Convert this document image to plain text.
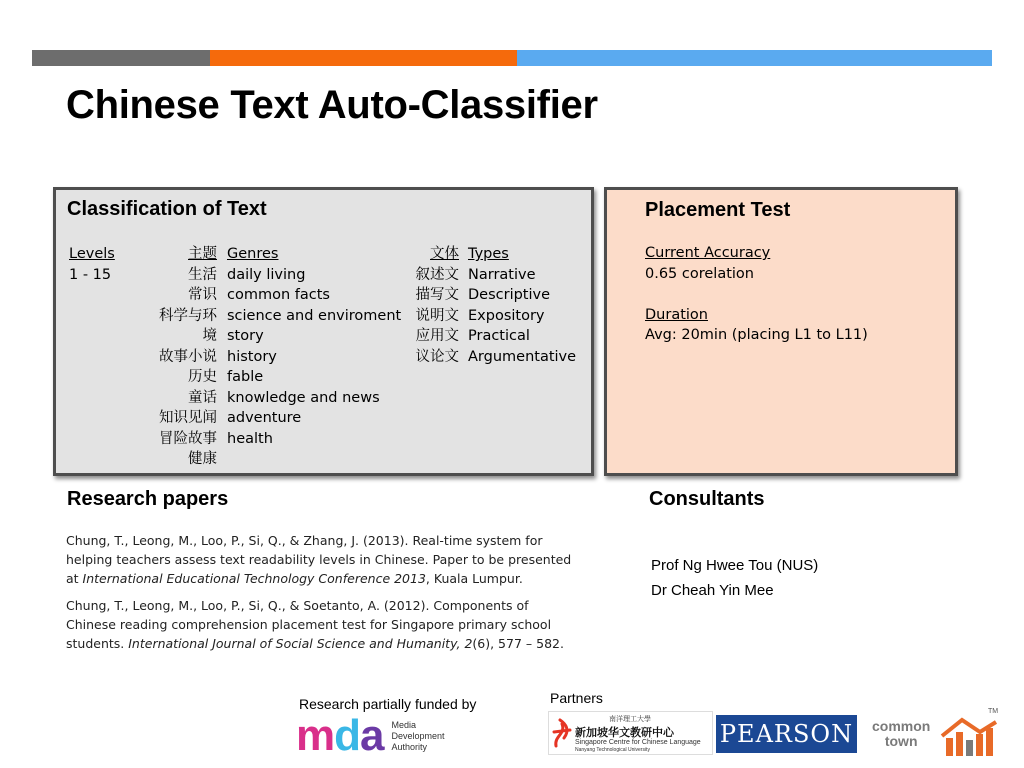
Chinese Text Auto-Classifier
Classification of Text
Levels
1 - 15
主题
生活
常识
科学与环
境
故事小说
历史
童话
知识见闻
冒险故事
健康
Genres
daily living
common facts
science and enviroment
story
history
fable
knowledge and news
adventure
health
文体
叙述文
描写文
说明文
应用文
议论文
Types
Narrative
Descriptive
Expository
Practical
Argumentative
Placement Test
Current Accuracy
0.65 corelation

Duration
Avg: 20min (placing L1 to L11)
Research papers

Chung, T., Leong, M., Loo, P., Si, Q., & Zhang, J. (2013). Real-time system for helping teachers assess text readability levels in Chinese. Paper to be presented at International Educational Technology Conference 2013, Kuala Lumpur.

Chung, T., Leong, M., Loo, P., Si, Q., & Soetanto, A. (2012). Components of Chinese reading comprehension placement test for Singapore primary school students. International Journal of Social Science and Humanity, 2(6), 577 – 582.

Consultants
Prof Ng Hwee Tou (NUS)
Dr Cheah Yin Mee
Research partially funded by	Partners
mda Media
Development
Authority
南洋理工大學
新加坡华文教研中心
Singapore Centre for Chinese Language
Nanyang Technological University
PEARSON common
town
TM
